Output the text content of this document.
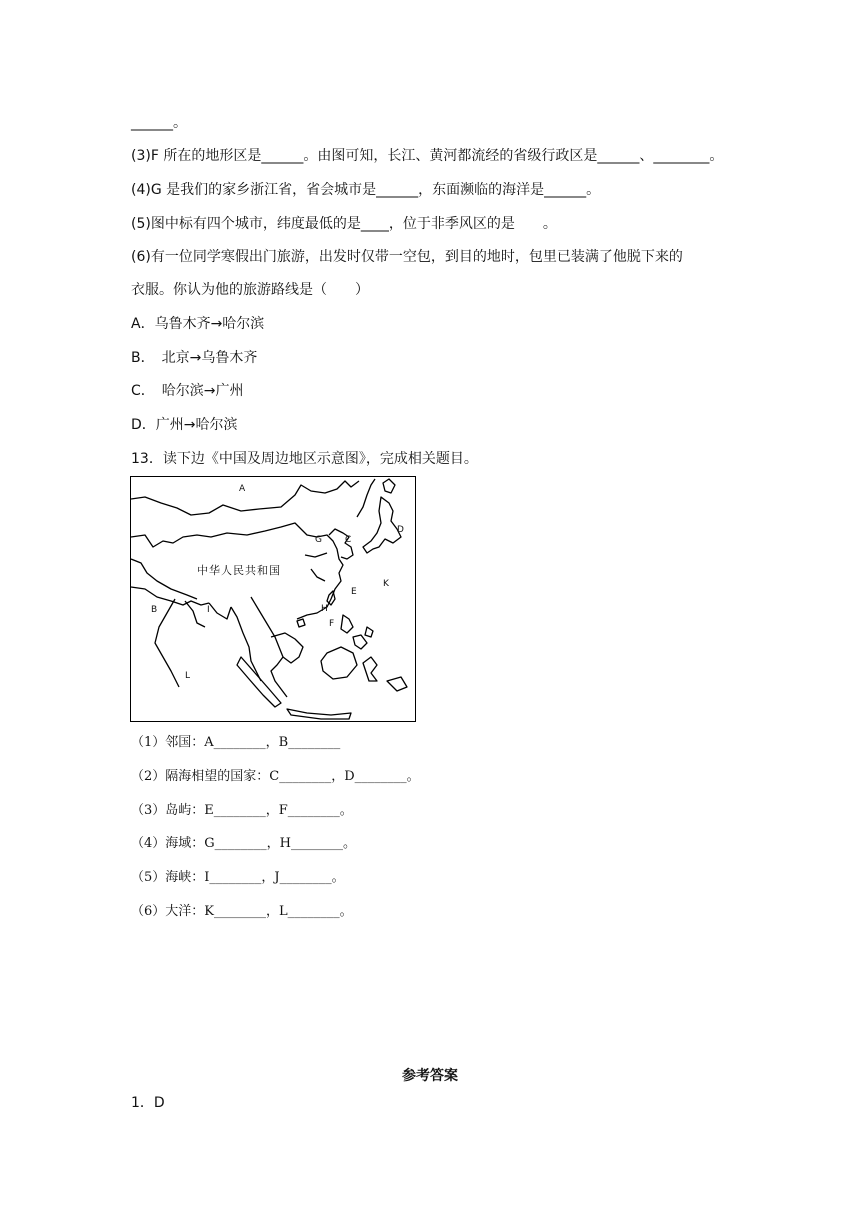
______。
(3)F 所在的地形区是______。由图可知，长江、黄河都流经的省级行政区是______、________。
(4)G 是我们的家乡浙江省，省会城市是______，东面濒临的海洋是______。
(5)图中标有四个城市，纬度最低的是____，位于非季风区的是　　。
(6)有一位同学寒假出门旅游，出发时仅带一空包，到目的地时，包里已装满了他脱下来的
衣服。你认为他的旅游路线是（　　）
A．乌鲁木齐→哈尔滨
B．　北京→乌鲁木齐
C．　哈尔滨→广州
D．广州→哈尔滨
13．读下边《中国及周边地区示意图》，完成相关题目。
中华人民共和国
A
B
C
D
E
F
G
H
I
K
L
（1）邻国：A________，B________
（2）隔海相望的国家：C________，D________。
（3）岛屿：E________，F________。
（4）海域：G________，H________。
（5）海峡：I________，J________。
（6）大洋：K________，L________。
参考答案
1．D
